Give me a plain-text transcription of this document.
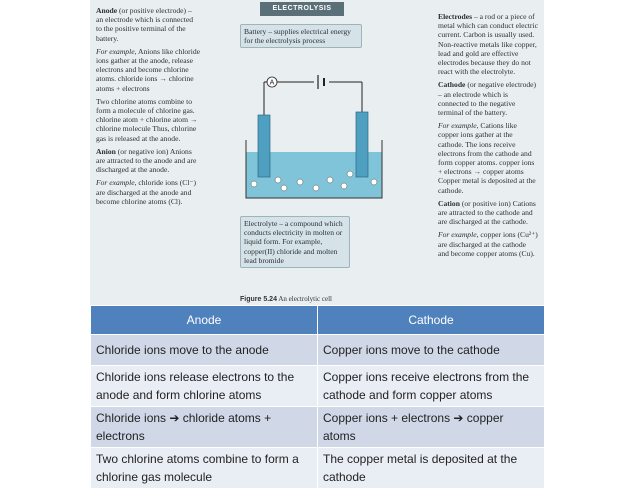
ELECTROLYSIS

Anode (or positive electrode) – an electrode which is connected to the positive terminal of the battery.

For example, Anions like chloride ions gather at the anode, release electrons and become chlorine atoms. chloride ions → chlorine atoms + electrons

Two chlorine atoms combine to form a molecule of chlorine gas. chlorine atom + chlorine atom → chlorine molecule Thus, chlorine gas is released at the anode.

Anion (or negative ion) Anions are attracted to the anode and are discharged at the anode.

For example, chloride ions (Cl⁻) are discharged at the anode and become chlorine atoms (Cl).

Battery – supplies electrical energy for the electrolysis process
A
Electrolyte – a compound which conducts electricity in molten or liquid form. For example, copper(II) chloride and molten lead bromide

Electrodes – a rod or a piece of metal which can conduct electric current. Carbon is usually used. Non-reactive metals like copper, lead and gold are effective electrodes because they do not react with the electrolyte.

Cathode (or negative electrode) – an electrode which is connected to the negative terminal of the battery.

For example, Cations like copper ions gather at the cathode. The ions receive electrons from the cathode and form copper atoms. copper ions + electrons → copper atoms Copper metal is deposited at the cathode.

Cation (or positive ion) Cations are attracted to the cathode and are discharged at the cathode.

For example, copper ions (Cu²⁺) are discharged at the cathode and become copper atoms (Cu).

Figure 5.24 An electrolytic cell
Anode	Cathode
Chloride ions move to the anode	Copper ions move to the cathode
Chloride ions release electrons to the anode and form chlorine atoms	Copper ions receive electrons from the cathode and form copper atoms
Chloride ions ➔ chloride atoms + electrons	Copper ions + electrons ➔ copper atoms
Two chlorine atoms combine to form a chlorine gas molecule	The copper metal is deposited at the cathode
